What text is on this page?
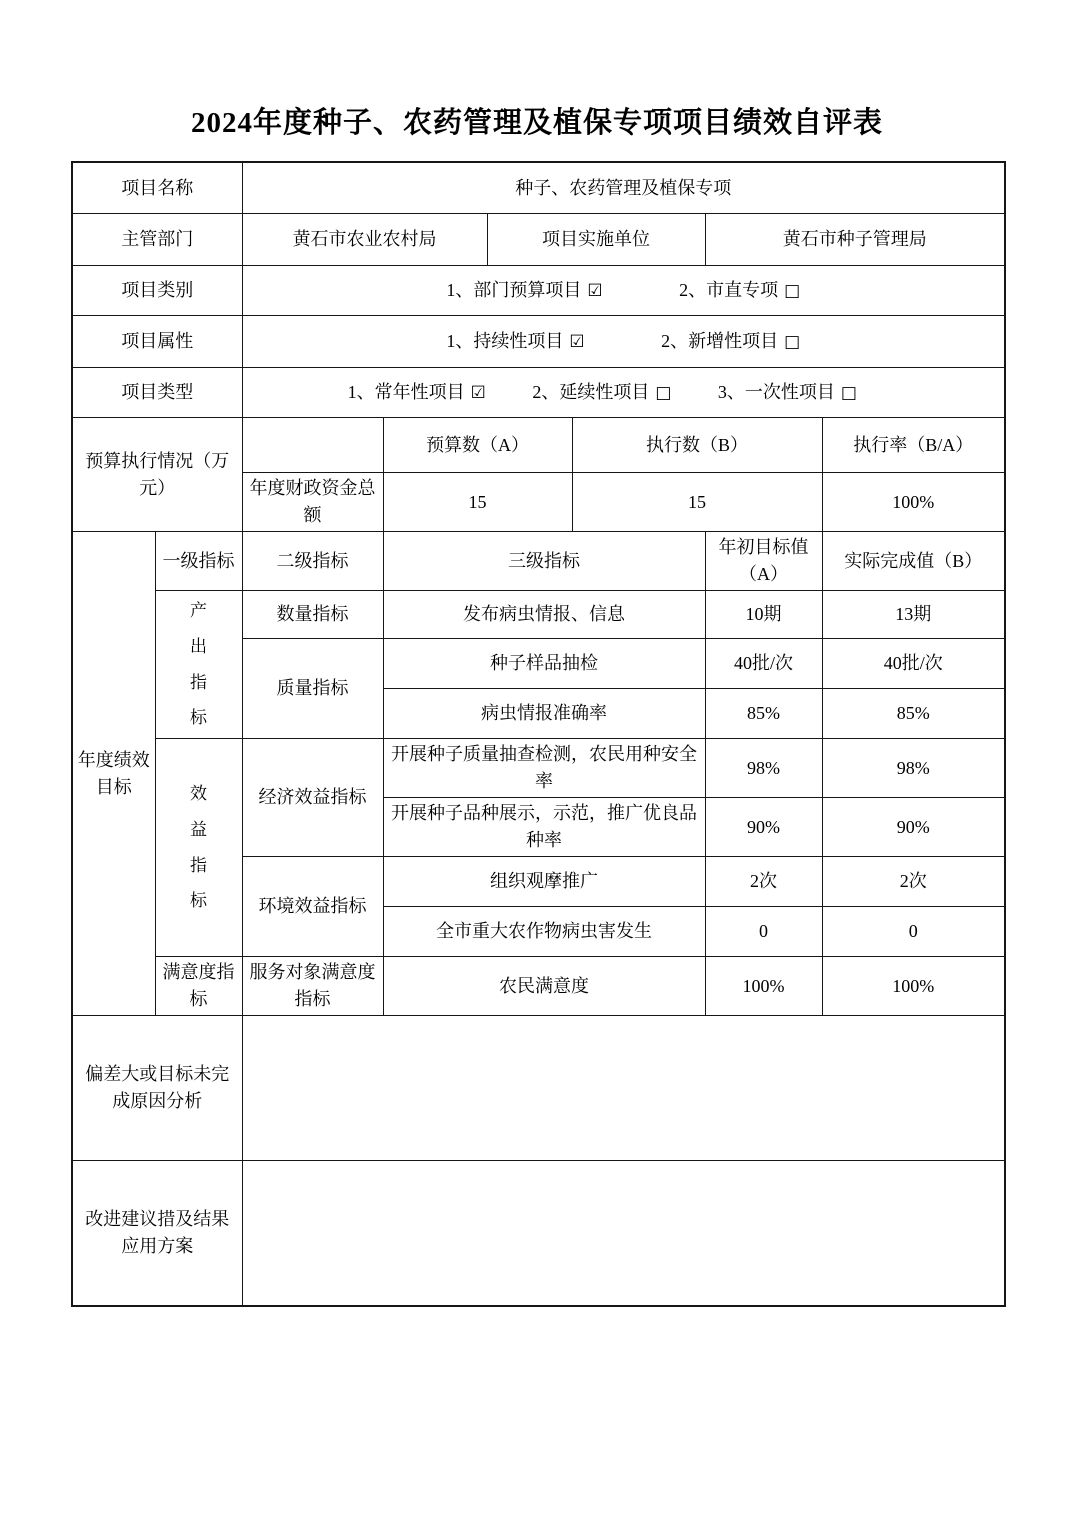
2024年度种子、农药管理及植保专项项目绩效自评表
项目名称		种子、农药管理及植保专项					
主管部门		黄石市农业农村局		项目实施单位		黄石市种子管理局	
项目类别		1、部门预算项目 ☑ 2、市直专项 □					
项目属性		1、持续性项目 ☑ 2、新增性项目 □					
项目类型		1、常年性项目 ☑ 2、延续性项目 □ 3、一次性项目 □					
预算执行情况（万元）			预算数（A）		执行数（B）		执行率（B/A）
		年度财政资金总额	15		15		100%
年度绩效目标	一级指标	二级指标	三级指标			年初目标值（A）	实际完成值（B）
	产出指标	数量指标	发布病虫情报、信息			10期	13期
		质量指标	种子样品抽检			40批/次	40批/次
			病虫情报准确率			85%	85%
	效益指标	经济效益指标	开展种子质量抽查检测，农民用种安全率			98%	98%
			开展种子品种展示，示范，推广优良品种率			90%	90%
		环境效益指标	组织观摩推广			2次	2次
			全市重大农作物病虫害发生			0	0
	满意度指标	服务对象满意度指标	农民满意度			100%	100%
偏差大或目标未完成原因分析							
改进建议措及结果应用方案							
